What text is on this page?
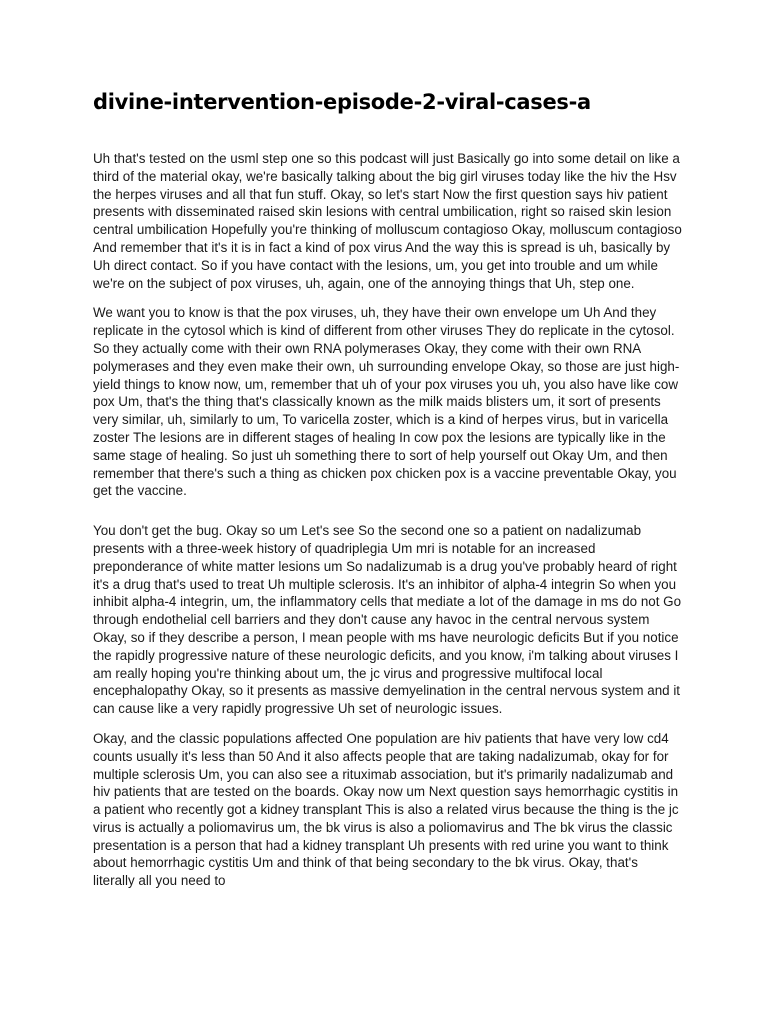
divine-intervention-episode-2-viral-cases-a

Uh that's tested on the usml step one so this podcast will just Basically go into some detail on like a third of the material okay, we're basically talking about the big girl viruses today like the hiv the Hsv the herpes viruses and all that fun stuff. Okay, so let's start Now the first question says hiv patient presents with disseminated raised skin lesions with central umbilication, right so raised skin lesion central umbilication Hopefully you're thinking of molluscum contagioso Okay, molluscum contagioso And remember that it's it is in fact a kind of pox virus And the way this is spread is uh, basically by Uh direct contact. So if you have contact with the lesions, um, you get into trouble and um while we're on the subject of pox viruses, uh, again, one of the annoying things that Uh, step one.

We want you to know is that the pox viruses, uh, they have their own envelope um Uh And they replicate in the cytosol which is kind of different from other viruses They do replicate in the cytosol. So they actually come with their own RNA polymerases Okay, they come with their own RNA polymerases and they even make their own, uh surrounding envelope Okay, so those are just high-yield things to know now, um, remember that uh of your pox viruses you uh, you also have like cow pox Um, that's the thing that's classically known as the milk maids blisters um, it sort of presents very similar, uh, similarly to um, To varicella zoster, which is a kind of herpes virus, but in varicella zoster The lesions are in different stages of healing In cow pox the lesions are typically like in the same stage of healing. So just uh something there to sort of help yourself out Okay Um, and then remember that there's such a thing as chicken pox chicken pox is a vaccine preventable Okay, you get the vaccine.

You don't get the bug. Okay so um Let's see So the second one so a patient on nadalizumab presents with a three-week history of quadriplegia Um mri is notable for an increased preponderance of white matter lesions um So nadalizumab is a drug you've probably heard of right it's a drug that's used to treat Uh multiple sclerosis. It's an inhibitor of alpha-4 integrin So when you inhibit alpha-4 integrin, um, the inflammatory cells that mediate a lot of the damage in ms do not Go through endothelial cell barriers and they don't cause any havoc in the central nervous system Okay, so if they describe a person, I mean people with ms have neurologic deficits But if you notice the rapidly progressive nature of these neurologic deficits, and you know, i'm talking about viruses I am really hoping you're thinking about um, the jc virus and progressive multifocal local encephalopathy Okay, so it presents as massive demyelination in the central nervous system and it can cause like a very rapidly progressive Uh set of neurologic issues.

Okay, and the classic populations affected One population are hiv patients that have very low cd4 counts usually it's less than 50 And it also affects people that are taking nadalizumab, okay for for multiple sclerosis Um, you can also see a rituximab association, but it's primarily nadalizumab and hiv patients that are tested on the boards. Okay now um Next question says hemorrhagic cystitis in a patient who recently got a kidney transplant This is also a related virus because the thing is the jc virus is actually a poliomavirus um, the bk virus is also a poliomavirus and The bk virus the classic presentation is a person that had a kidney transplant Uh presents with red urine you want to think about hemorrhagic cystitis Um and think of that being secondary to the bk virus. Okay, that's literally all you need to
